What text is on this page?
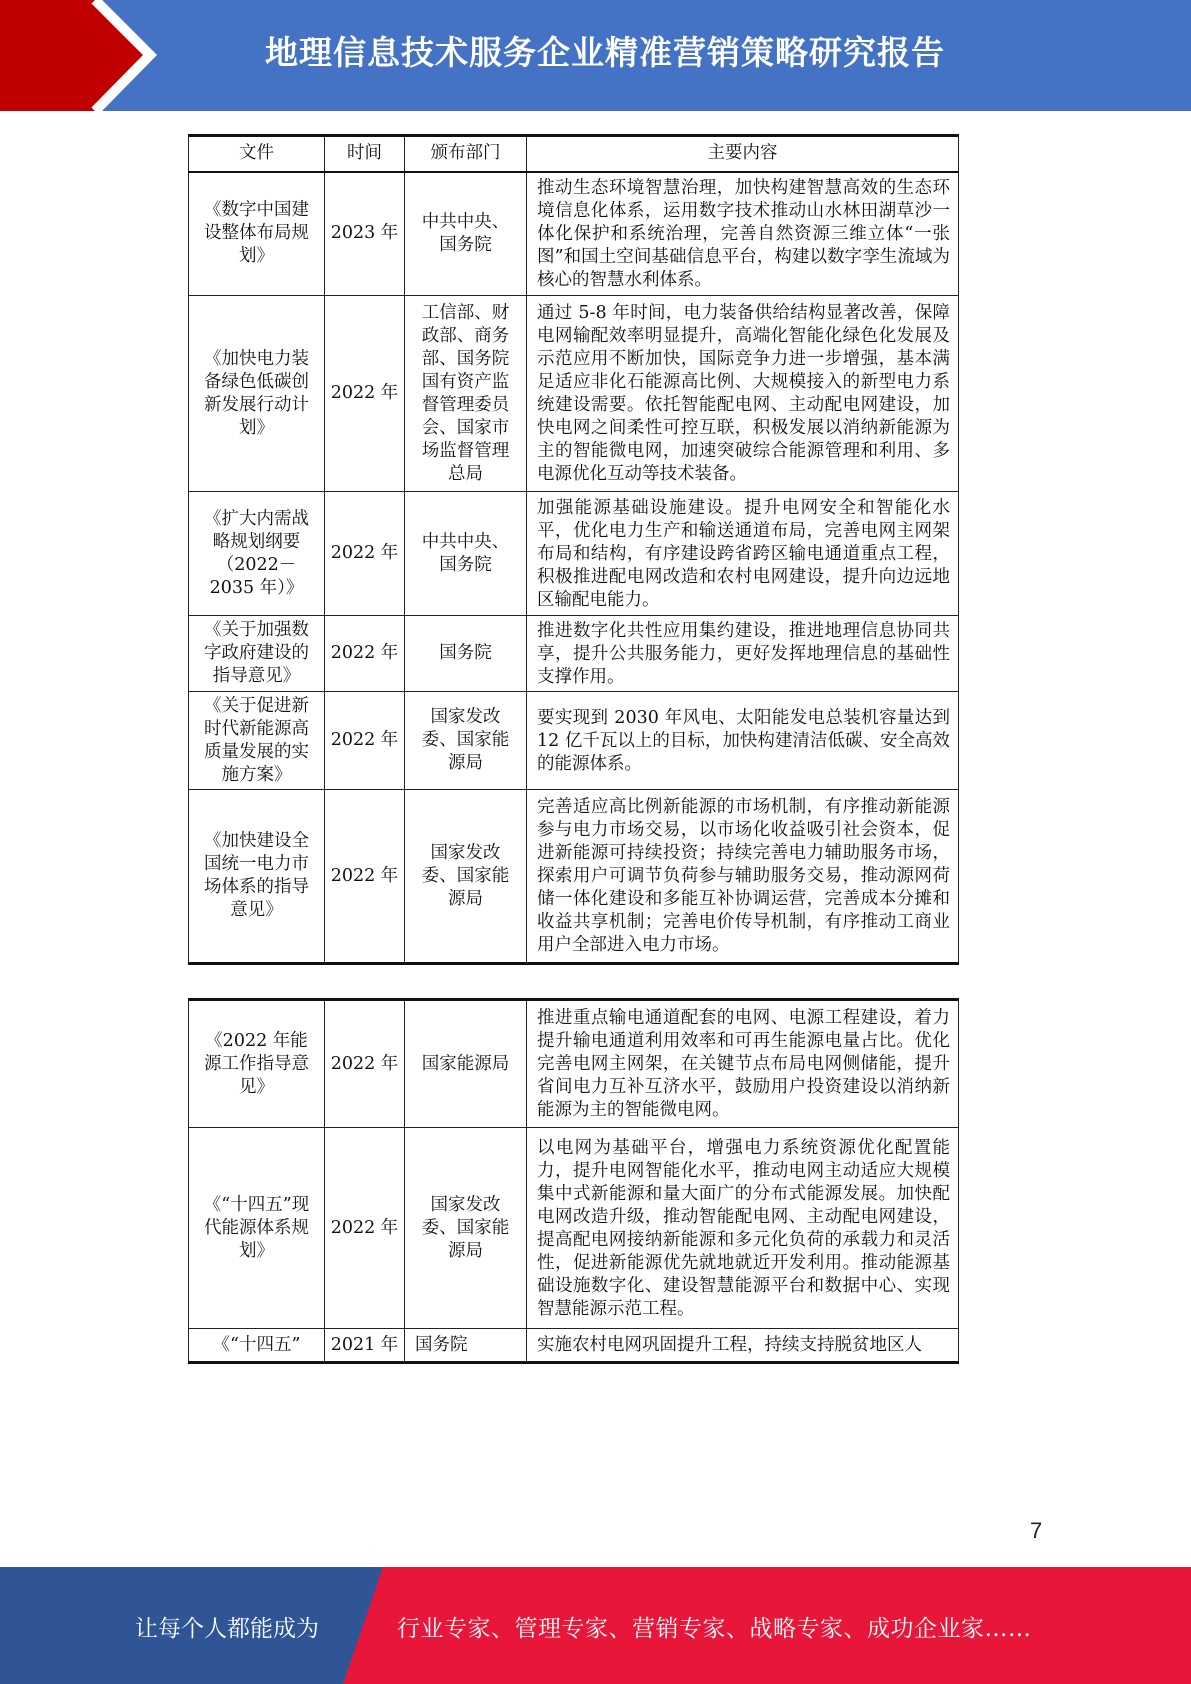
地理信息技术服务企业精准营销策略研究报告
文件	时间	颁布部门	主要内容
《数字中国建设整体布局规划》	2023 年	中共中央、国务院	推动生态环境智慧治理，加快构建智慧高效的生态环境信息化体系，运用数字技术推动山水林田湖草沙一体化保护和系统治理，完善自然资源三维立体“一张图”和国土空间基础信息平台，构建以数字孪生流域为核心的智慧水利体系。
《加快电力装备绿色低碳创新发展行动计划》	2022 年	工信部、财政部、商务部、国务院国有资产监督管理委员会、国家市场监督管理总局	通过 5-8 年时间，电力装备供给结构显著改善，保障电网输配效率明显提升，高端化智能化绿色化发展及示范应用不断加快，国际竞争力进一步增强，基本满足适应非化石能源高比例、大规模接入的新型电力系统建设需要。依托智能配电网、主动配电网建设，加快电网之间柔性可控互联，积极发展以消纳新能源为主的智能微电网，加速突破综合能源管理和利用、多电源优化互动等技术装备。
《扩大内需战略规划纲要（2022－2035 年）》	2022 年	中共中央、国务院	加强能源基础设施建设。提升电网安全和智能化水平，优化电力生产和输送通道布局，完善电网主网架布局和结构，有序建设跨省跨区输电通道重点工程，积极推进配电网改造和农村电网建设，提升向边远地区输配电能力。
《关于加强数字政府建设的指导意见》	2022 年	国务院	推进数字化共性应用集约建设，推进地理信息协同共享，提升公共服务能力，更好发挥地理信息的基础性支撑作用。
《关于促进新时代新能源高质量发展的实施方案》	2022 年	国家发改委、国家能源局	要实现到 2030 年风电、太阳能发电总装机容量达到 12 亿千瓦以上的目标，加快构建清洁低碳、安全高效的能源体系。
《加快建设全国统一电力市场体系的指导意见》	2022 年	国家发改委、国家能源局	完善适应高比例新能源的市场机制，有序推动新能源参与电力市场交易，以市场化收益吸引社会资本，促进新能源可持续投资；持续完善电力辅助服务市场，探索用户可调节负荷参与辅助服务交易，推动源网荷储一体化建设和多能互补协调运营，完善成本分摊和收益共享机制；完善电价传导机制，有序推动工商业用户全部进入电力市场。
《2022 年能源工作指导意见》	2022 年	国家能源局	推进重点输电通道配套的电网、电源工程建设，着力提升输电通道利用效率和可再生能源电量占比。优化完善电网主网架，在关键节点布局电网侧储能，提升省间电力互补互济水平，鼓励用户投资建设以消纳新能源为主的智能微电网。
《“十四五”现代能源体系规划》	2022 年	国家发改委、国家能源局	以电网为基础平台，增强电力系统资源优化配置能力，提升电网智能化水平，推动电网主动适应大规模集中式新能源和量大面广的分布式能源发展。加快配电网改造升级，推动智能配电网、主动配电网建设，提高配电网接纳新能源和多元化负荷的承载力和灵活性，促进新能源优先就地就近开发利用。推动能源基础设施数字化、建设智慧能源平台和数据中心、实现智慧能源示范工程。
《“十四五”	2021 年	国务院	实施农村电网巩固提升工程，持续支持脱贫地区人
7
让每个人都能成为	行业专家、管理专家、营销专家、战略专家、成功企业家……
